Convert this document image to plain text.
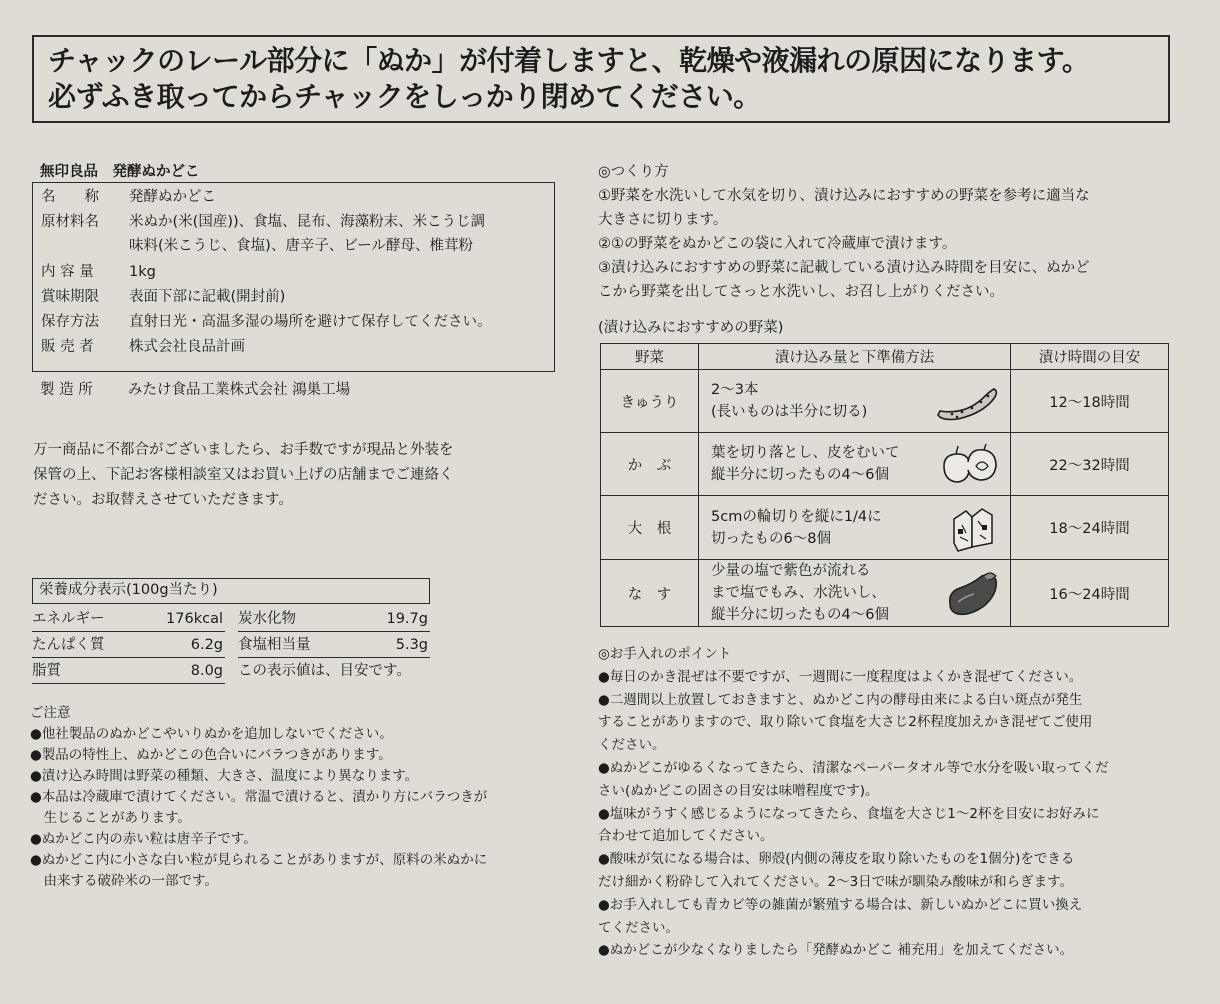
チャックのレール部分に「ぬか」が付着しますと、乾燥や液漏れの原因になります。
必ずふき取ってからチャックをしっかり閉めてください。
無印良品　発酵ぬかどこ
名　　称	発酵ぬかどこ
原材料名	米ぬか(米(国産))、食塩、昆布、海藻粉末、米こうじ調
味料(米こうじ、食塩)、唐辛子、ビール酵母、椎茸粉
内 容 量	1kg
賞味期限	表面下部に記載(開封前)
保存方法	直射日光・高温多湿の場所を避けて保存してください。
販 売 者	株式会社良品計画
製 造 所 みたけ食品工業株式会社 鴻巣工場

万一商品に不都合がございましたら、お手数ですが現品と外装を

保管の上、下記お客様相談室又はお買い上げの店舗までご連絡く

ださい。お取替えさせていただきます。

栄養成分表示(100g当たり)
エネルギー	176kcal
たんぱく質	6.2g
脂質	8.0g
炭水化物	19.7g
食塩相当量	5.3g
この表示値は、目安です。

ご注意

●他社製品のぬかどこやいりぬかを追加しないでください。

●製品の特性上、ぬかどこの色合いにバラつきがあります。

●漬け込み時間は野菜の種類、大きさ、温度により異なります。

●本品は冷蔵庫で漬けてください。常温で漬けると、漬かり方にバラつきが

　生じることがあります。

●ぬかどこ内の赤い粒は唐辛子です。

●ぬかどこ内に小さな白い粒が見られることがありますが、原料の米ぬかに

　由来する破砕米の一部です。

◎つくり方

①野菜を水洗いして水気を切り、漬け込みにおすすめの野菜を参考に適当な

大きさに切ります。

②①の野菜をぬかどこの袋に入れて冷蔵庫で漬けます。

③漬け込みにおすすめの野菜に記載している漬け込み時間を目安に、ぬかど

こから野菜を出してさっと水洗いし、お召し上がりください。

(漬け込みにおすすめの野菜)
野菜	漬け込み量と下準備方法	漬け時間の目安
きゅうり	2〜3本
(長いものは半分に切る)	12〜18時間
か　ぶ	葉を切り落とし、皮をむいて
縦半分に切ったもの4〜6個	22〜32時間
大　根	5cmの輪切りを縦に1/4に
切ったもの6〜8個	18〜24時間
な　す	少量の塩で紫色が流れる
まで塩でもみ、水洗いし、
縦半分に切ったもの4〜6個	16〜24時間

◎お手入れのポイント

●毎日のかき混ぜは不要ですが、一週間に一度程度はよくかき混ぜてください。

●二週間以上放置しておきますと、ぬかどこ内の酵母由来による白い斑点が発生

することがありますので、取り除いて食塩を大さじ2杯程度加えかき混ぜてご使用

ください。

●ぬかどこがゆるくなってきたら、清潔なペーパータオル等で水分を吸い取ってくだ

さい(ぬかどこの固さの目安は味噌程度です)。

●塩味がうすく感じるようになってきたら、食塩を大さじ1〜2杯を目安にお好みに

合わせて追加してください。

●酸味が気になる場合は、卵殻(内側の薄皮を取り除いたものを1個分)をできる

だけ細かく粉砕して入れてください。2〜3日で味が馴染み酸味が和らぎます。

●お手入れしても青カビ等の雑菌が繁殖する場合は、新しいぬかどこに買い換え

てください。

●ぬかどこが少なくなりましたら「発酵ぬかどこ 補充用」を加えてください。
